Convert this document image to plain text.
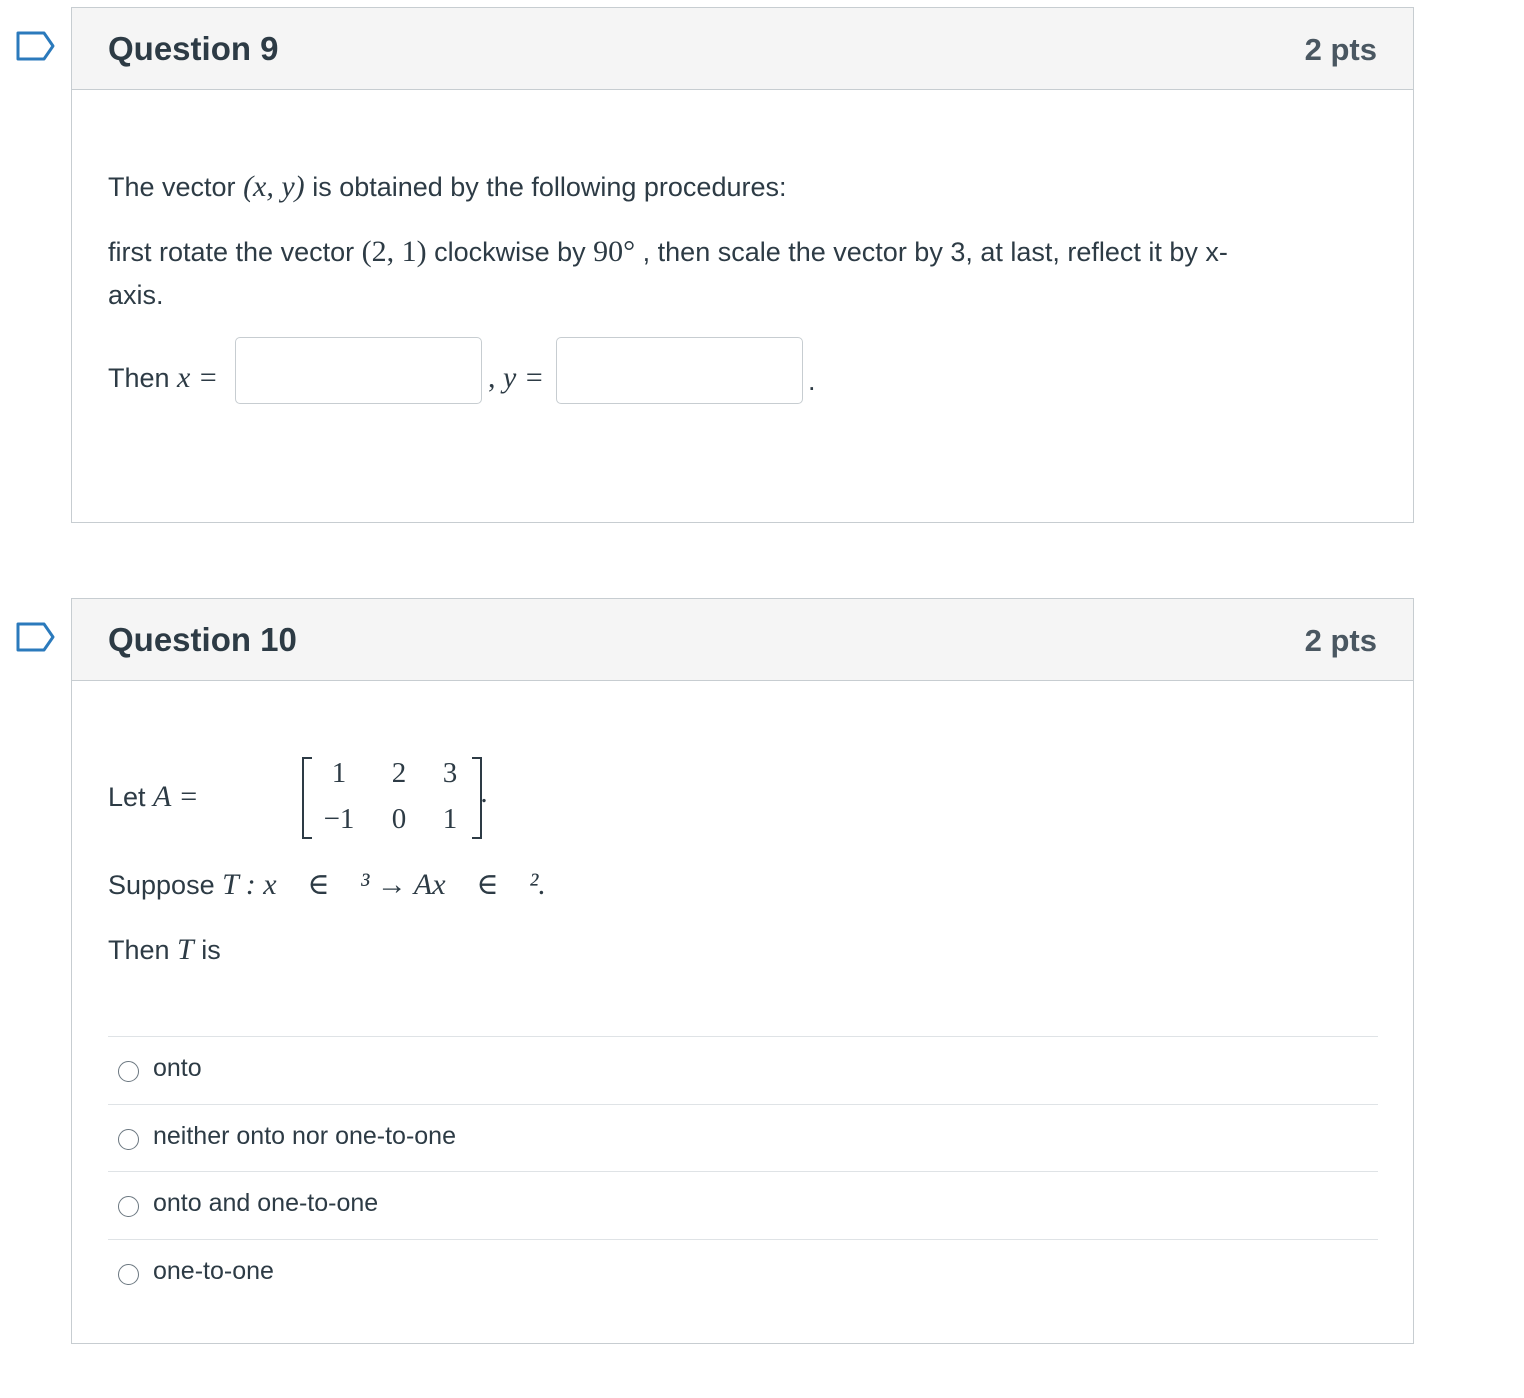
Question 9	2 pts
The vector (x, y) is obtained by the following procedures:
first rotate the vector (2, 1) clockwise by 90° , then scale the vector by 3, at last, reflect it by x-
axis.
Then x =	, y =	.
Question 10	2 pts
Let A =
1	2	3
−1	0	1
.
Suppose T : x⃗ ∈ ℝ³ → Ax⃗ ∈ ℝ².
Then T is
onto
neither onto nor one-to-one
onto and one-to-one
one-to-one
